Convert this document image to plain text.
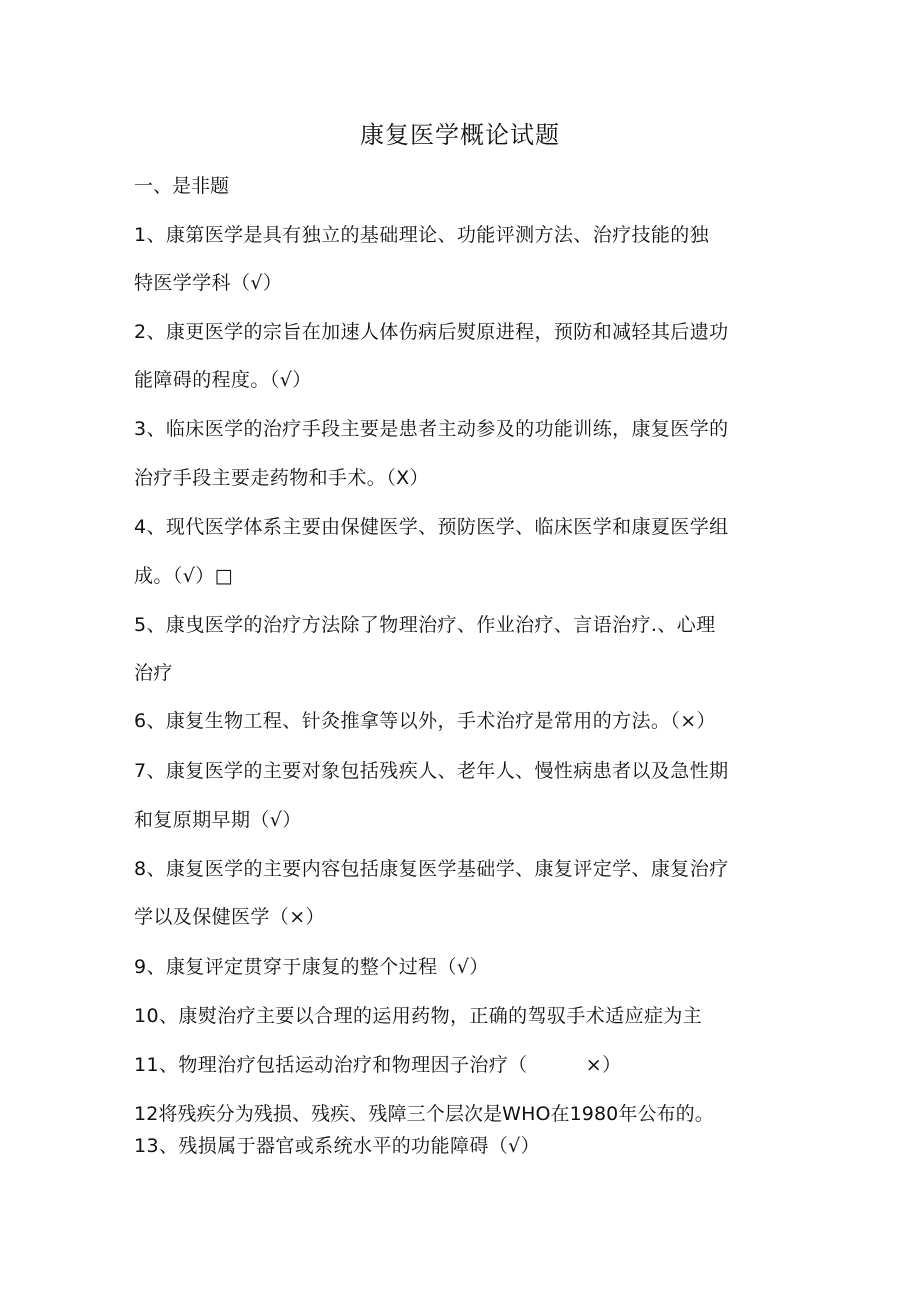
康复医学概论试题
一、是非题
1、康第医学是具有独立的基础理论、功能评测方法、治疗技能的独
特医学学科（√）
2、康更医学的宗旨在加速人体伤病后熨原进程，预防和减轻其后遗功
能障碍的程度。（√）
3、临床医学的治疗手段主要是患者主动参及的功能训练，康复医学的
治疗手段主要走药物和手术。（X）
4、现代医学体系主要由保健医学、预防医学、临床医学和康夏医学组
成。（√）□
5、康曳医学的治疗方法除了物理治疗、作业治疗、言语治疗.、心理
治疗
6、康复生物工程、针灸推拿等以外，手术治疗是常用的方法。（×）
7、康复医学的主要对象包括残疾人、老年人、慢性病患者以及急性期
和复原期早期（√）
8、康复医学的主要内容包括康复医学基础学、康复评定学、康复治疗
学以及保健医学（×）
9、康复评定贯穿于康复的整个过程（√）
10、康熨治疗主要以合理的运用药物，正确的驾驭手术适应症为主
11、物理治疗包括运动治疗和物理因子治疗（　　　×）
12将残疾分为残损、残疾、残障三个层次是WHO在1980年公布的。
13、残损属于器官或系统水平的功能障碍（√）
